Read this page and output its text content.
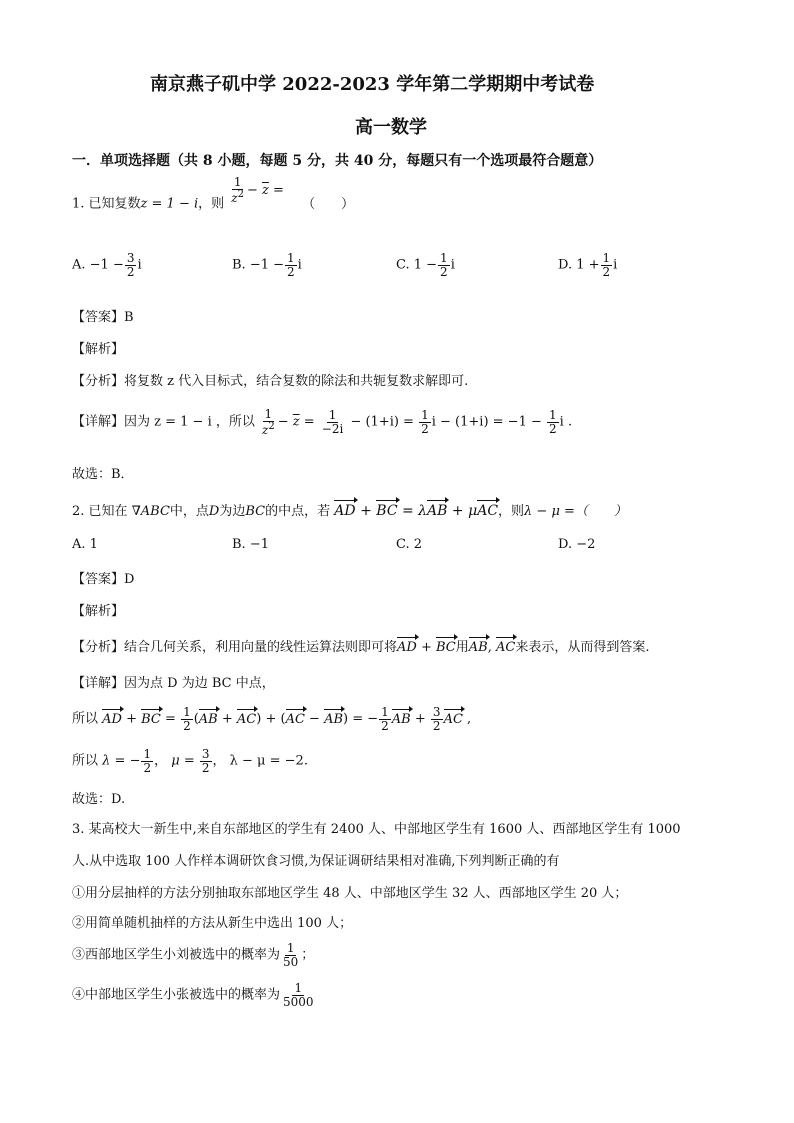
南京燕子矶中学 2022-2023 学年第二学期期中考试卷
高一数学
一．单项选择题（共 8 小题，每题 5 分，共 40 分，每题只有一个选项最符合题意）
1. 已知复数z = 1 − i，则 $\frac{1}{z^2} - \overline{z}$ = （　　）
A. $-1 - \frac{3}{2}$ i	B. $-1 - \frac{1}{2}$ i	C. $1 - \frac{1}{2}$ i	D. $1 + \frac{1}{2}$ i
【答案】B
【解析】
【分析】将复数 z 代入目标式，结合复数的除法和共轭复数求解即可.
【详解】因为 z = 1 − i ，所以 $\frac{1}{z^2} - \overline{z} = \frac{1}{-2i} - (1+i) = \frac{1}{2}$ $i - (1+i) = -1 - \frac{1}{2}$ i .
故选：B．
2. 已知在 ∇ABC中，点D为边BC的中点，若 AD + BC = λAB + μAC，则λ − μ =（　　）
A. 1	B. −1	C. 2	D. −2
【答案】D
【解析】
【分析】结合几何关系，利用向量的线性运算法则即可将AD + BC用AB, AC来表示，从而得到答案.
【详解】因为点 D 为边 BC 中点，
所以 AD + BC = $\frac{1}{2} (AB + AC) + (AC - AB)$ = − $\frac{1}{2}$ AB + $\frac{3}{2}$ AC ,
所以 λ = − $\frac{1}{2}$ ， $\mu = \frac{3}{2}$ ， λ − μ = −2.
故选：D.
3. 某高校大一新生中,来自东部地区的学生有 2400 人、中部地区学生有 1600 人、西部地区学生有 1000
人.从中选取 100 人作样本调研饮食习惯,为保证调研结果相对准确,下列判断正确的有
①用分层抽样的方法分别抽取东部地区学生 48 人、中部地区学生 32 人、西部地区学生 20 人；
②用简单随机抽样的方法从新生中选出 100 人；
③西部地区学生小刘被选中的概率为 $\frac{1}{50}$ ；
④中部地区学生小张被选中的概率为 $\frac{1}{5000}$
